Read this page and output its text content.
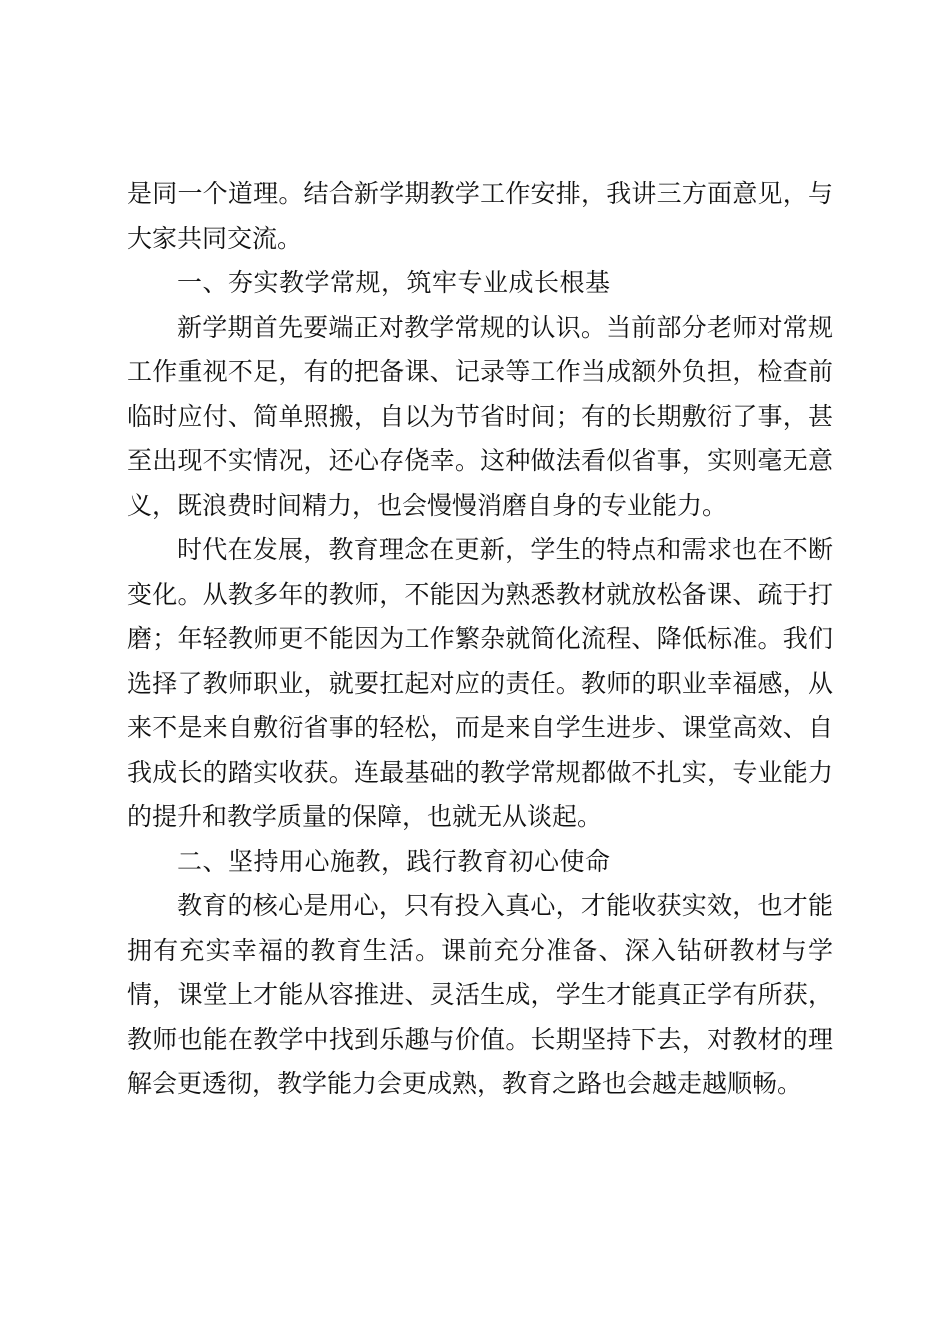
是同一个道理。结合新学期教学工作安排，我讲三方面意见，与大家共同交流。

一、夯实教学常规，筑牢专业成长根基

新学期首先要端正对教学常规的认识。当前部分老师对常规工作重视不足，有的把备课、记录等工作当成额外负担，检查前临时应付、简单照搬，自以为节省时间；有的长期敷衍了事，甚至出现不实情况，还心存侥幸。这种做法看似省事，实则毫无意义，既浪费时间精力，也会慢慢消磨自身的专业能力。

时代在发展，教育理念在更新，学生的特点和需求也在不断变化。从教多年的教师，不能因为熟悉教材就放松备课、疏于打磨；年轻教师更不能因为工作繁杂就简化流程、降低标准。我们选择了教师职业，就要扛起对应的责任。教师的职业幸福感，从来不是来自敷衍省事的轻松，而是来自学生进步、课堂高效、自我成长的踏实收获。连最基础的教学常规都做不扎实，专业能力的提升和教学质量的保障，也就无从谈起。

二、坚持用心施教，践行教育初心使命

教育的核心是用心，只有投入真心，才能收获实效，也才能拥有充实幸福的教育生活。课前充分准备、深入钻研教材与学情，课堂上才能从容推进、灵活生成，学生才能真正学有所获，教师也能在教学中找到乐趣与价值。长期坚持下去，对教材的理解会更透彻，教学能力会更成熟，教育之路也会越走越顺畅。
